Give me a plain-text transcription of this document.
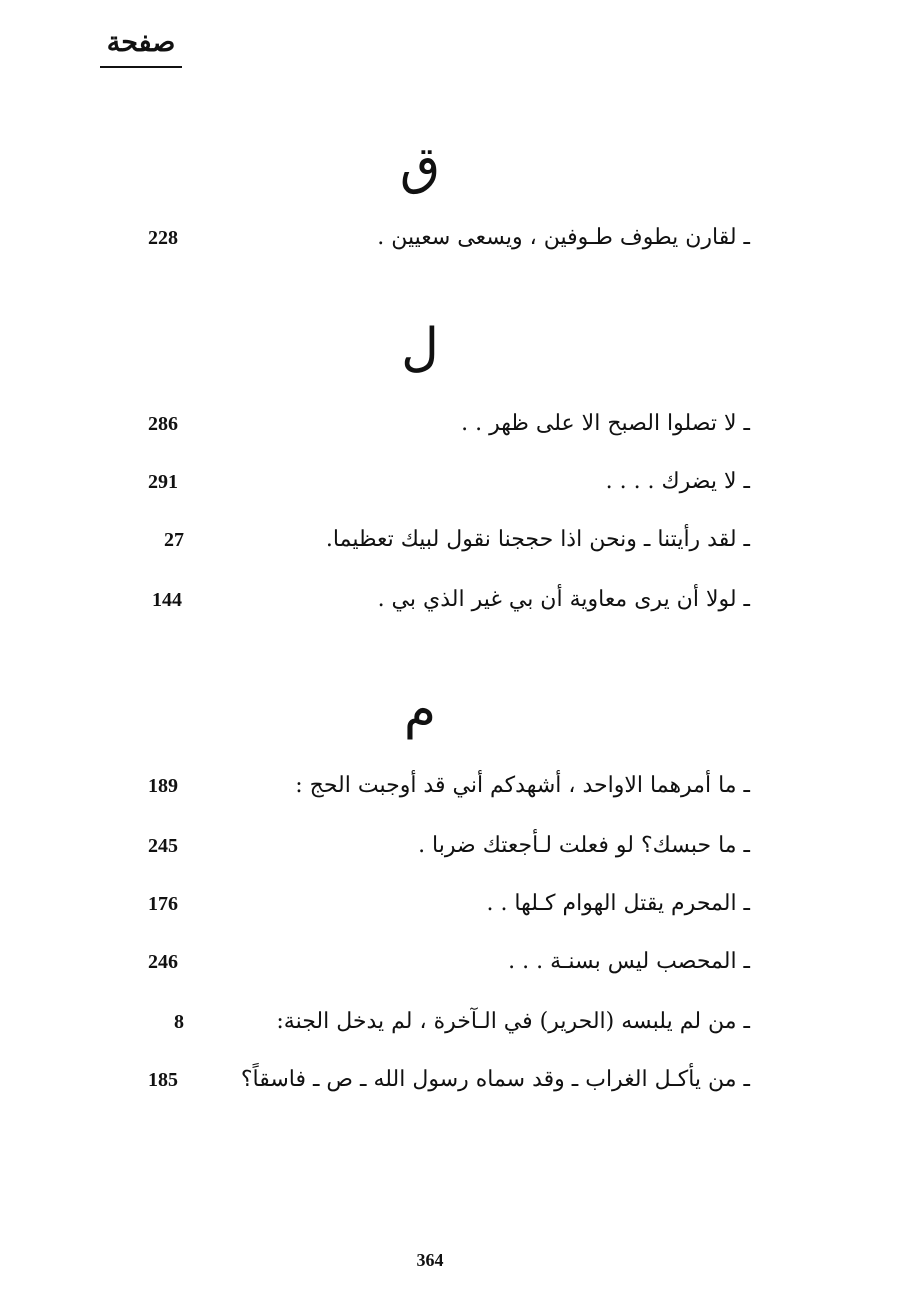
صفحة
ق
ـ لقارن يطوف طـوفين ، ويسعى سعيين .
228
ل
ـ لا تصلوا الصبح الا على ظهر . .
286
ـ لا يضرك . . . .
291
ـ لقد رأيتنا ـ ونحن اذا حججنا نقول لبيك تعظيما.
27
ـ لولا أن يرى معاوية أن بي غير الذي بي .
144
م
ـ ما أمرهما الاواحد ، أشهدكم أني قد أوجبت الحج :
189
ـ ما حبسك؟ لو فعلت لـأجعتك ضربا .
245
ـ المحرم يقتل الهوام كـلها . .
176
ـ المحصب ليس بسنـة . . .
246
ـ من لم يلبسه (الحرير) في الـآخرة ، لم يدخل الجنة:
8
ـ من يأكـل الغراب ـ وقد سماه رسول الله ـ ص ـ فاسقاً؟
185
364
